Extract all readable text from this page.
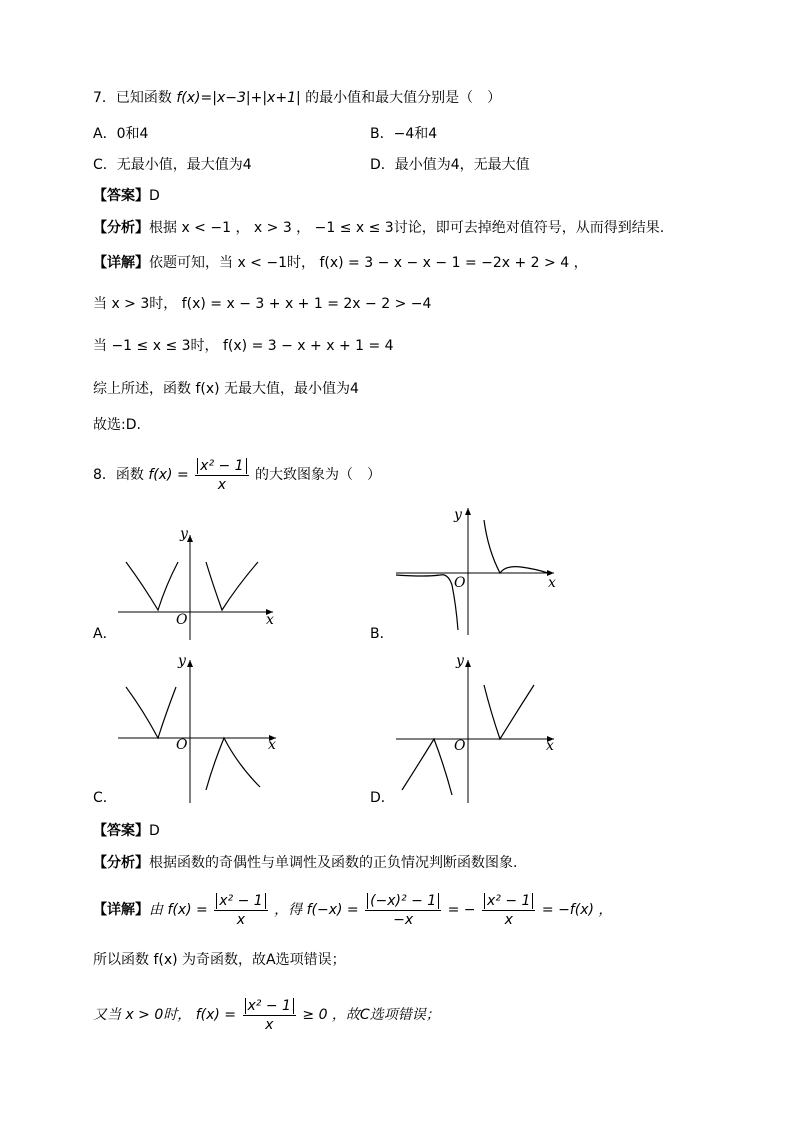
7．已知函数 f(x)=|x−3|+|x+1| 的最小值和最大值分别是（　）
A．0和4	B．−4和4
C．无最小值，最大值为4	D．最小值为4，无最大值
【答案】D
【分析】根据 x < −1 ， x > 3 ， −1 ≤ x ≤ 3讨论，即可去掉绝对值符号，从而得到结果.
【详解】依题可知，当 x < −1时， f(x) = 3 − x − x − 1 = −2x + 2 > 4 ，
当 x > 3时， f(x) = x − 3 + x + 1 = 2x − 2 > −4
当 −1 ≤ x ≤ 3时， f(x) = 3 − x + x + 1 = 4
综上所述，函数 f(x) 无最大值，最小值为4
故选:D.
8．函数 $f(x) = \frac{\text{x² − 1}}{x}$ 的大致图象为（　）
y
x
O
A．
y
x
O
B．
y
x
O
C．
y
x
O
D．
【答案】D
【分析】根据函数的奇偶性与单调性及函数的正负情况判断函数图象.
【详解】由 $f(x) = \frac{\text{x² − 1}}{x}$ ，得 $f(-x) = \frac{\text{(−x)² − 1}}{-x}$ = − $\frac{\text{x² − 1}}{x} = -f(x)$ ，
所以函数 f(x) 为奇函数，故A选项错误；
又当 x > 0时， $f(x) = \frac{\text{x² − 1}}{x} \ge 0$ ，故C选项错误；
